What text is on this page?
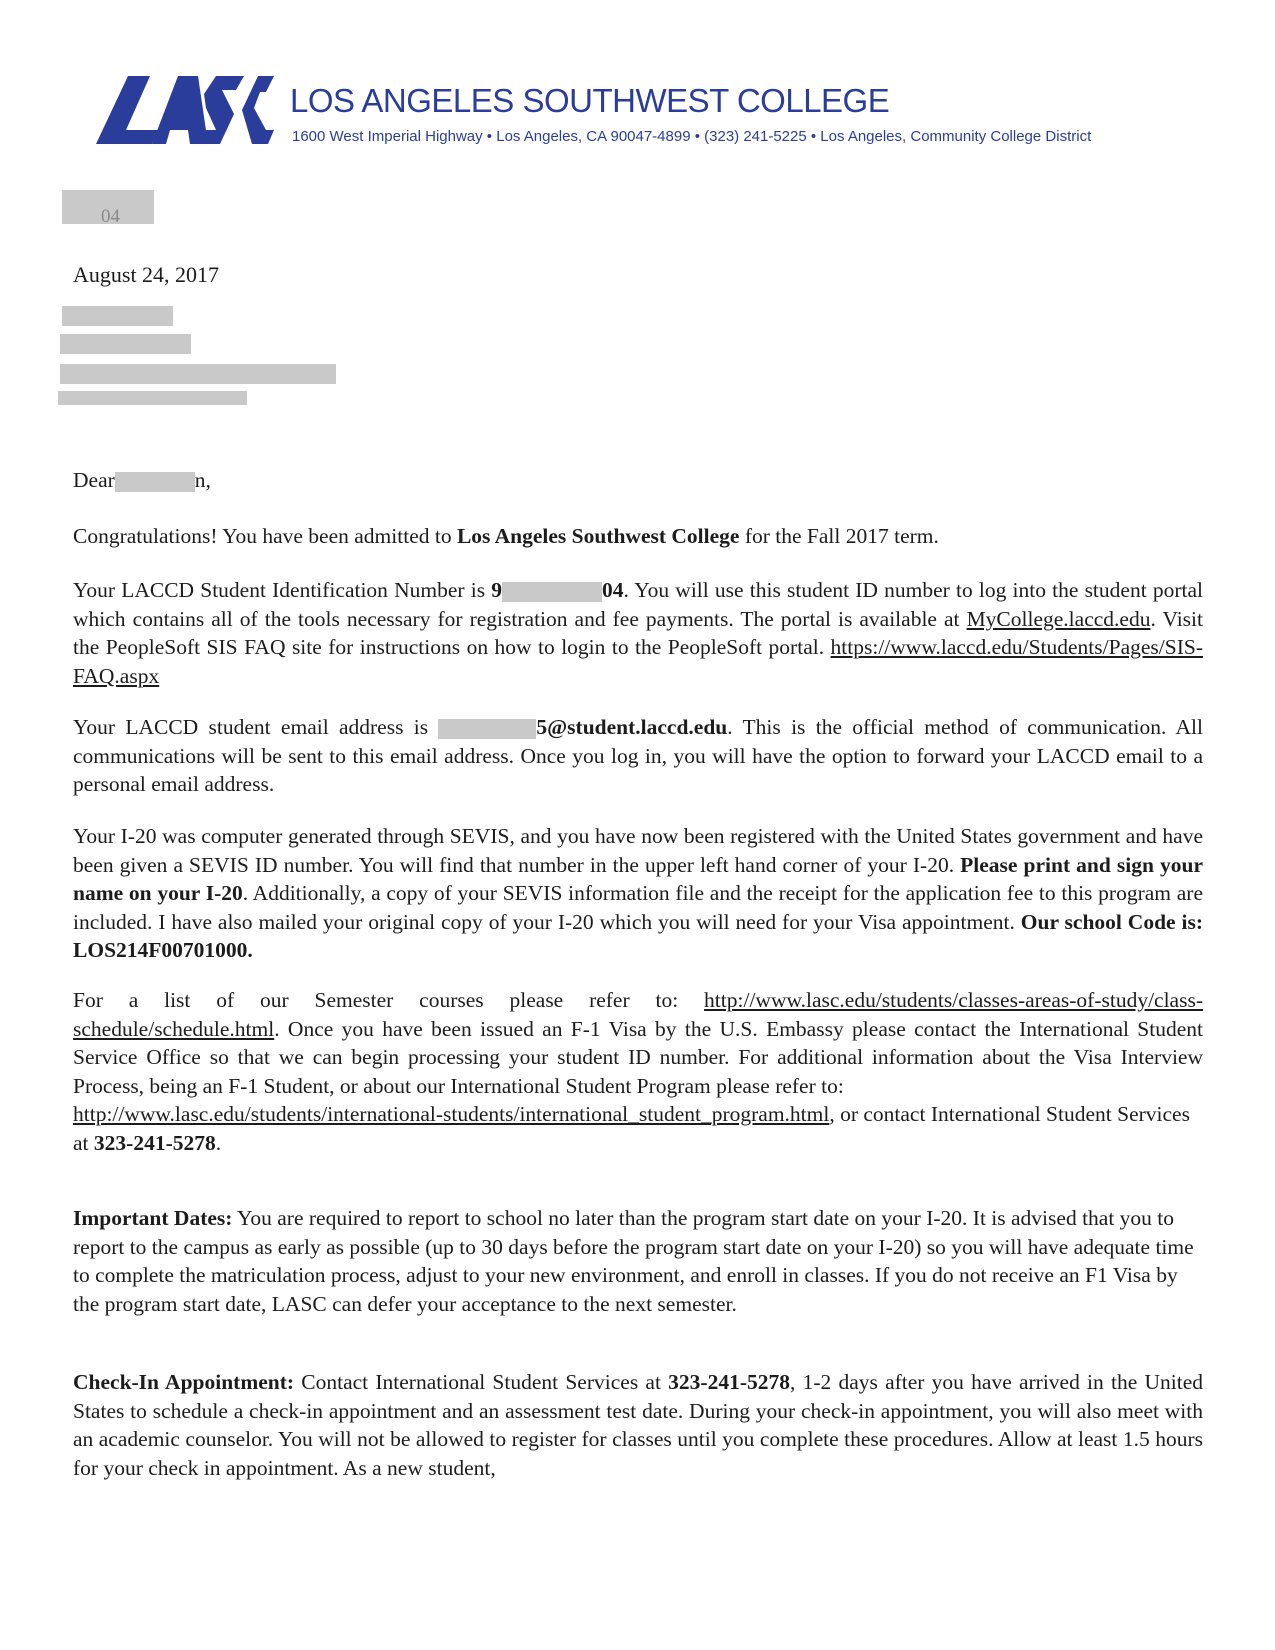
LOS ANGELES SOUTHWEST COLLEGE
1600 West Imperial Highway • Los Angeles, CA 90047-4899 • (323) 241-5225 • Los Angeles, Community College District
04
August 24, 2017
Dear	n,

Congratulations! You have been admitted to Los Angeles Southwest College for the Fall 2017 term.

Your LACCD Student Identification Number is 9	04. You will use this student ID number to log into the student portal which contains all of the tools necessary for registration and fee payments. The portal is available at MyCollege.laccd.edu. Visit the PeopleSoft SIS FAQ site for instructions on how to login to the PeopleSoft portal. https://www.laccd.edu/Students/Pages/SIS-FAQ.aspx

Your LACCD student email address is	5@student.laccd.edu. This is the official method of communication. All communications will be sent to this email address. Once you log in, you will have the option to forward your LACCD email to a personal email address.

Your I-20 was computer generated through SEVIS, and you have now been registered with the United States government and have been given a SEVIS ID number. You will find that number in the upper left hand corner of your I-20. Please print and sign your name on your I-20. Additionally, a copy of your SEVIS information file and the receipt for the application fee to this program are included. I have also mailed your original copy of your I-20 which you will need for your Visa appointment. Our school Code is: LOS214F00701000.

For a list of our Semester courses please refer to: http://www.lasc.edu/students/classes-areas-of-study/class-schedule/schedule.html. Once you have been issued an F-1 Visa by the U.S. Embassy please contact the International Student Service Office so that we can begin processing your student ID number. For additional information about the Visa Interview Process, being an F-1 Student, or about our International Student Program please refer to:

http://www.lasc.edu/students/international-students/international_student_program.html, or contact International Student Services at 323-241-5278.

Important Dates: You are required to report to school no later than the program start date on your I-20. It is advised that you to report to the campus as early as possible (up to 30 days before the program start date on your I-20) so you will have adequate time to complete the matriculation process, adjust to your new environment, and enroll in classes. If you do not receive an F1 Visa by the program start date, LASC can defer your acceptance to the next semester.

Check-In Appointment: Contact International Student Services at 323-241-5278, 1-2 days after you have arrived in the United States to schedule a check-in appointment and an assessment test date. During your check-in appointment, you will also meet with an academic counselor. You will not be allowed to register for classes until you complete these procedures. Allow at least 1.5 hours for your check in appointment. As a new student,
